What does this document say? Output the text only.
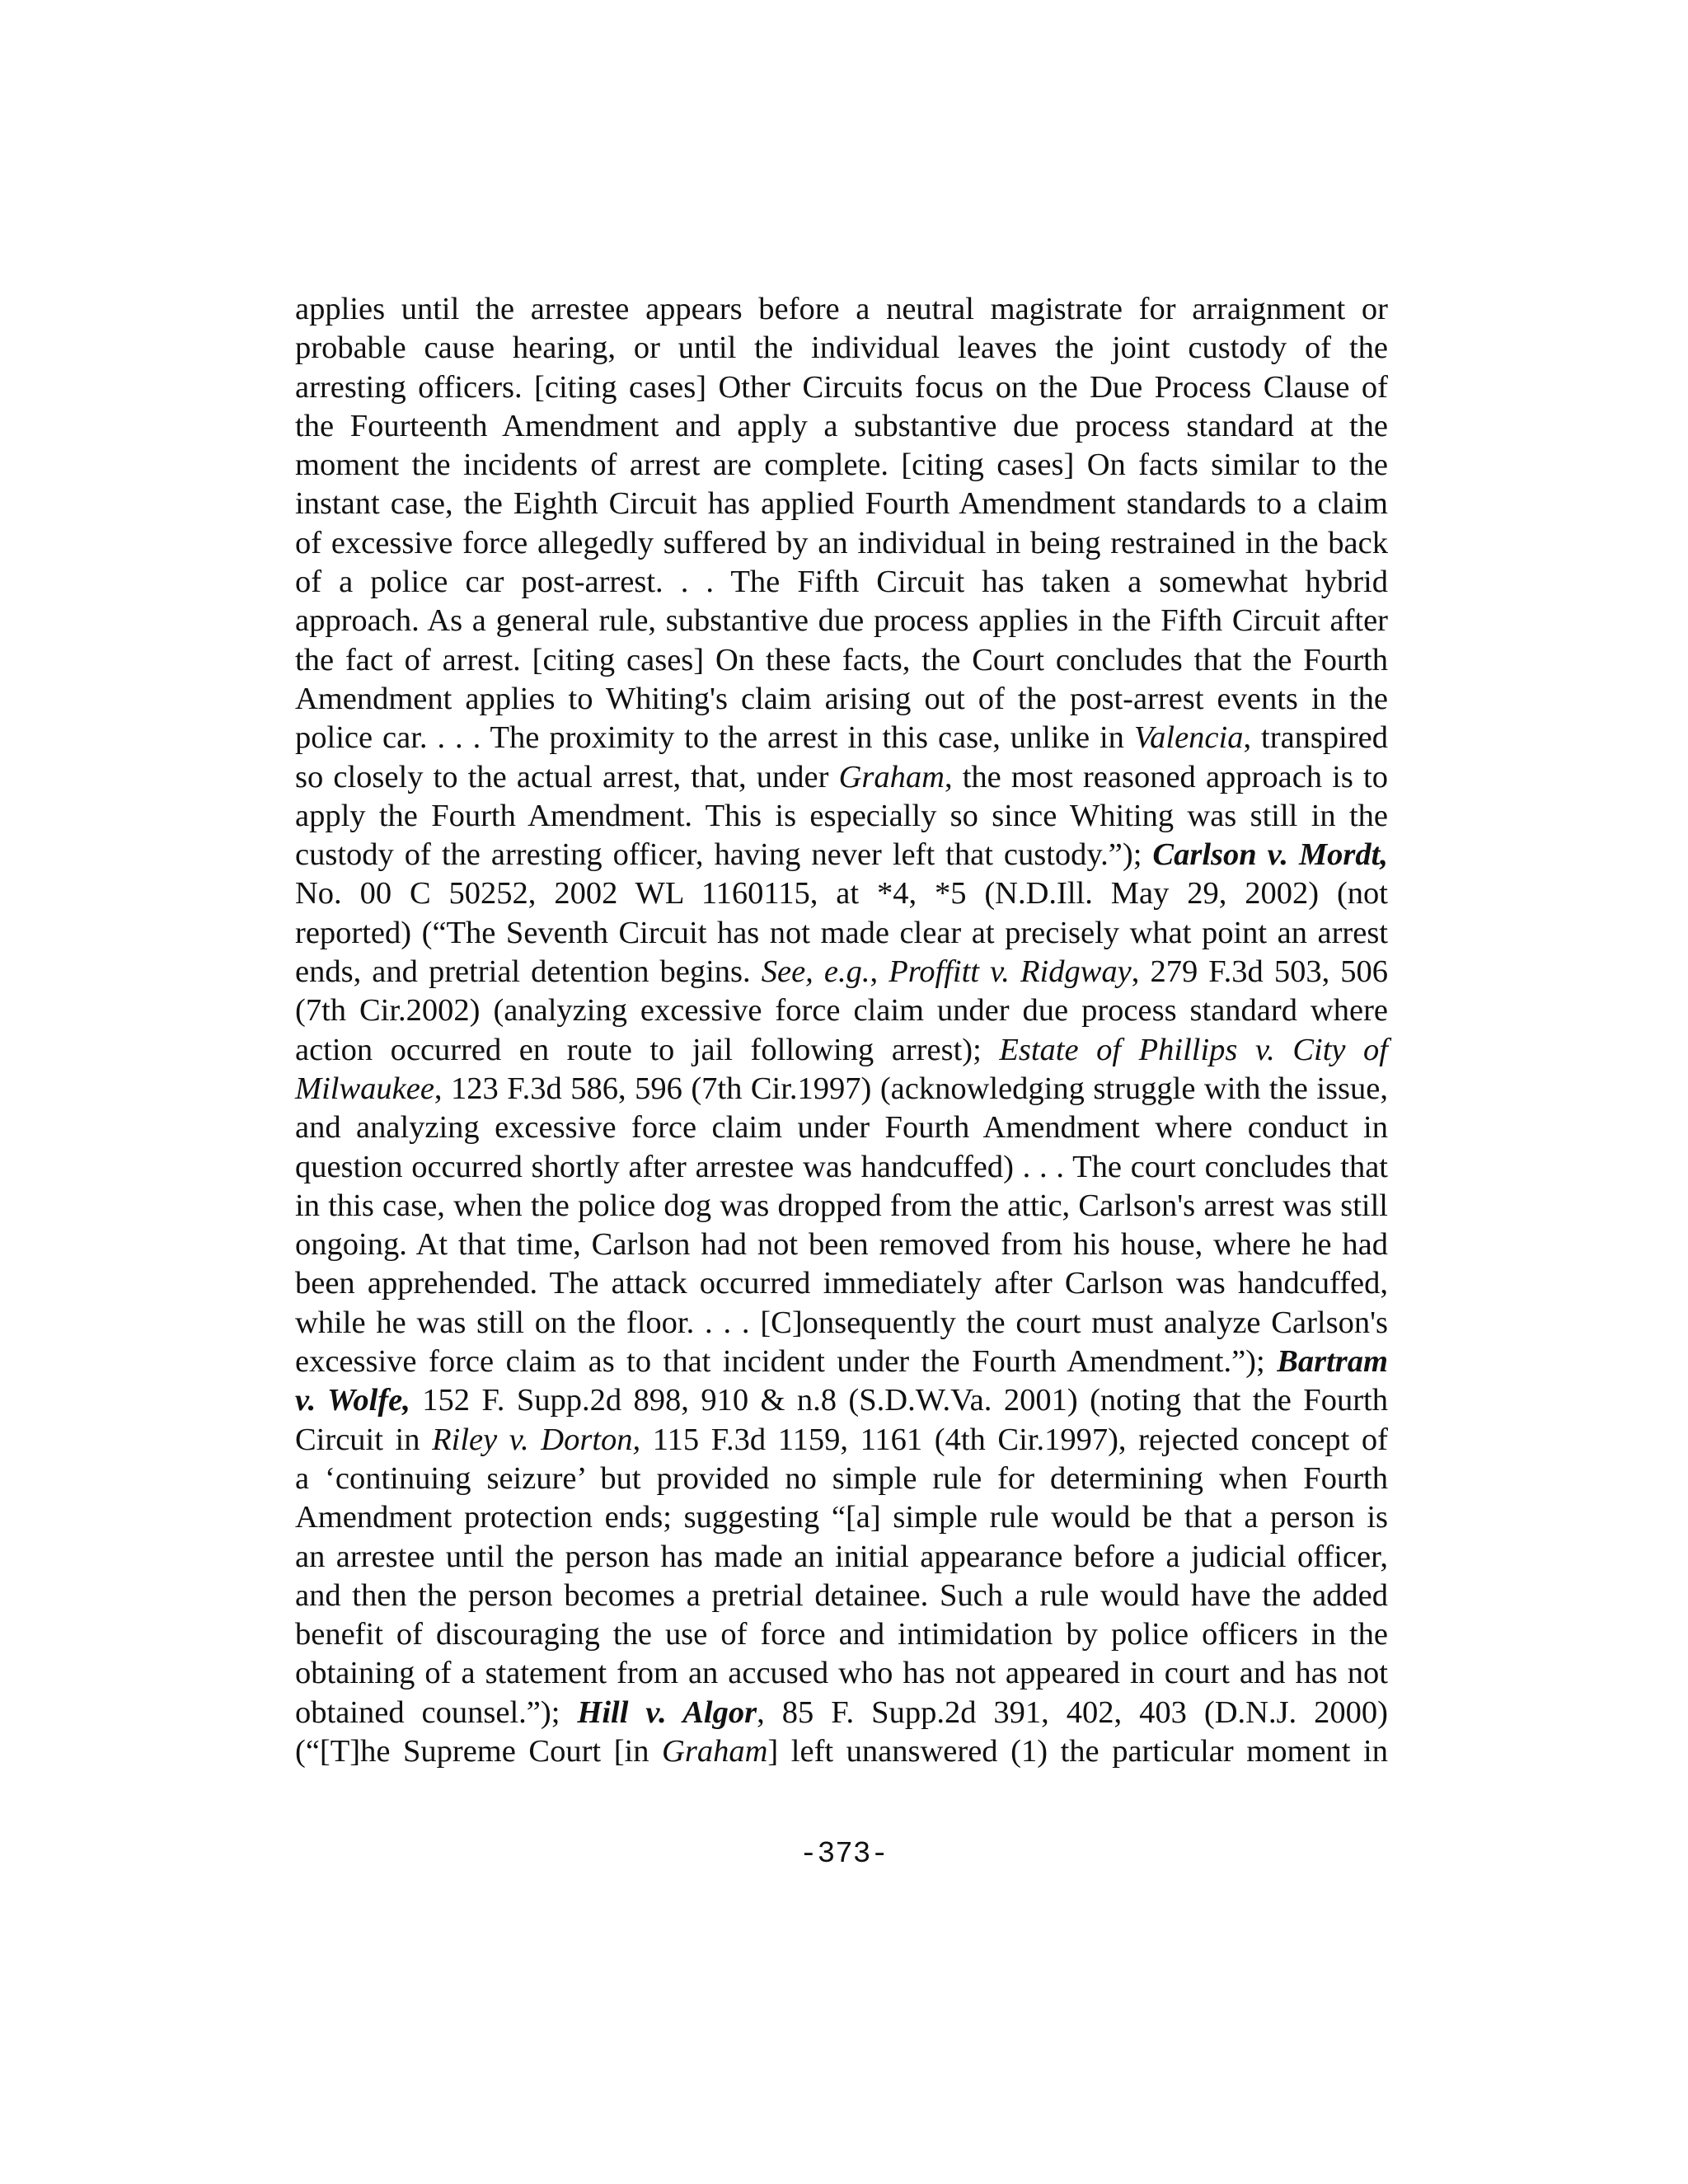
applies until the arrestee appears before a neutral magistrate for arraignment or
probable cause hearing, or until the individual leaves the joint custody of the
arresting officers. [citing cases] Other Circuits focus on the Due Process Clause of
the Fourteenth Amendment and apply a substantive due process standard at the
moment the incidents of arrest are complete. [citing cases] On facts similar to the
instant case, the Eighth Circuit has applied Fourth Amendment standards to a claim
of excessive force allegedly suffered by an individual in being restrained in the back
of a police car post-arrest. . . The Fifth Circuit has taken a somewhat hybrid
approach. As a general rule, substantive due process applies in the Fifth Circuit after
the fact of arrest. [citing cases] On these facts, the Court concludes that the Fourth
Amendment applies to Whiting's claim arising out of the post-arrest events in the
police car. . . . The proximity to the arrest in this case, unlike in Valencia, transpired
so closely to the actual arrest, that, under Graham, the most reasoned approach is to
apply the Fourth Amendment. This is especially so since Whiting was still in the
custody of the arresting officer, having never left that custody.”); Carlson v. Mordt,
No. 00 C 50252, 2002 WL 1160115, at *4, *5 (N.D.Ill. May 29, 2002) (not
reported) (“The Seventh Circuit has not made clear at precisely what point an arrest
ends, and pretrial detention begins. See, e.g., Proffitt v. Ridgway, 279 F.3d 503, 506
(7th Cir.2002) (analyzing excessive force claim under due process standard where
action occurred en route to jail following arrest); Estate of Phillips v. City of
Milwaukee, 123 F.3d 586, 596 (7th Cir.1997) (acknowledging struggle with the issue,
and analyzing excessive force claim under Fourth Amendment where conduct in
question occurred shortly after arrestee was handcuffed) . . . The court concludes that
in this case, when the police dog was dropped from the attic, Carlson's arrest was still
ongoing. At that time, Carlson had not been removed from his house, where he had
been apprehended. The attack occurred immediately after Carlson was handcuffed,
while he was still on the floor. . . . [C]onsequently the court must analyze Carlson's
excessive force claim as to that incident under the Fourth Amendment.”); Bartram
v. Wolfe, 152 F. Supp.2d 898, 910 & n.8 (S.D.W.Va. 2001) (noting that the Fourth
Circuit in Riley v. Dorton, 115 F.3d 1159, 1161 (4th Cir.1997), rejected concept of
a ‘continuing seizure’ but provided no simple rule for determining when Fourth
Amendment protection ends; suggesting “[a] simple rule would be that a person is
an arrestee until the person has made an initial appearance before a judicial officer,
and then the person becomes a pretrial detainee. Such a rule would have the added
benefit of discouraging the use of force and intimidation by police officers in the
obtaining of a statement from an accused who has not appeared in court and has not
obtained counsel.”); Hill v. Algor, 85 F. Supp.2d 391, 402, 403 (D.N.J. 2000)
(“[T]he Supreme Court [in Graham] left unanswered (1) the particular moment in
-373-
